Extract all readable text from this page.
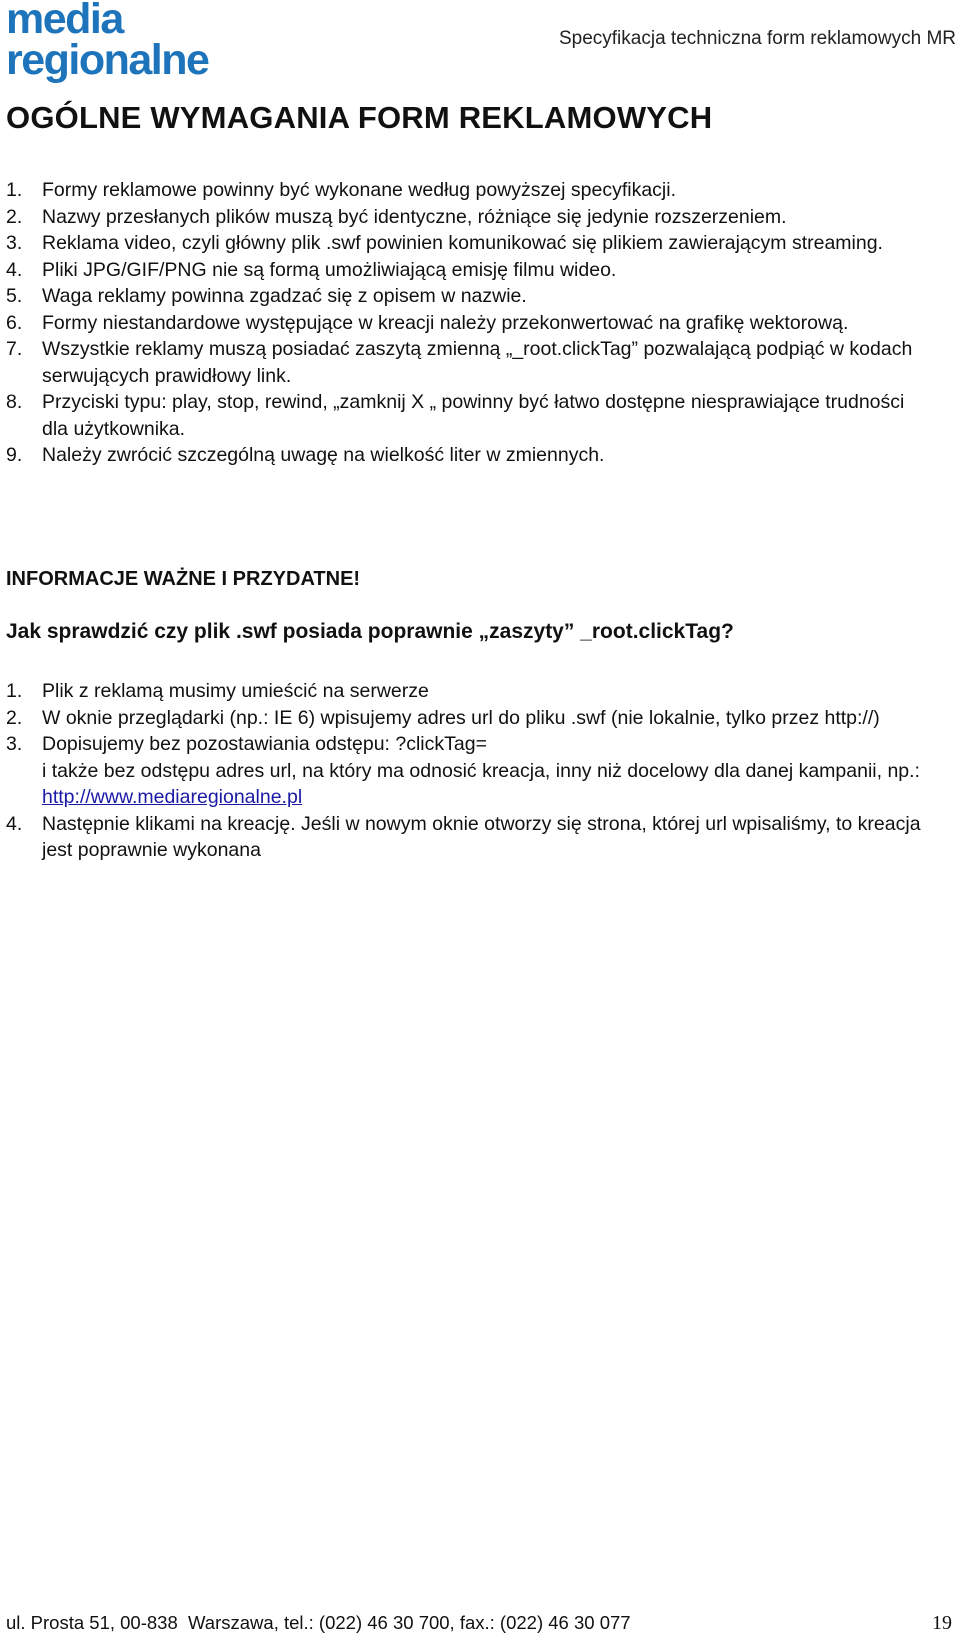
media
regionalne	Specyfikacja techniczna form reklamowych MR
OGÓLNE WYMAGANIA FORM REKLAMOWYCH
1. Formy reklamowe powinny być wykonane według powyższej specyfikacji.
2. Nazwy przesłanych plików muszą być identyczne, różniące się jedynie rozszerzeniem.
3. Reklama video, czyli główny plik .swf powinien komunikować się plikiem zawierającym streaming.
4. Pliki JPG/GIF/PNG nie są formą umożliwiającą emisję filmu wideo.
5. Waga reklamy powinna zgadzać się z opisem w nazwie.
6. Formy niestandardowe występujące w kreacji należy przekonwertować na grafikę wektorową.
7. Wszystkie reklamy muszą posiadać zaszytą zmienną „_root.clickTag” pozwalającą podpiąć w kodach serwujących prawidłowy link.
8. Przyciski typu: play, stop, rewind, „zamknij X „ powinny być łatwo dostępne niesprawiające trudności dla użytkownika.
9. Należy zwrócić szczególną uwagę na wielkość liter w zmiennych.
INFORMACJE WAŻNE I PRZYDATNE!
Jak sprawdzić czy plik .swf posiada poprawnie „zaszyty” _root.clickTag?
1. Plik z reklamą musimy umieścić na serwerze
2. W oknie przeglądarki (np.: IE 6) wpisujemy adres url do pliku .swf (nie lokalnie, tylko przez http://)
3. Dopisujemy bez pozostawiania odstępu: ?clickTag=
i także bez odstępu adres url, na który ma odnosić kreacja, inny niż docelowy dla danej kampanii, np.: http://www.mediaregionalne.pl
4. Następnie klikami na kreację. Jeśli w nowym oknie otworzy się strona, której url wpisaliśmy, to kreacja jest poprawnie wykonana
ul. Prosta 51, 00-838  Warszawa, tel.: (022) 46 30 700, fax.: (022) 46 30 077	19
